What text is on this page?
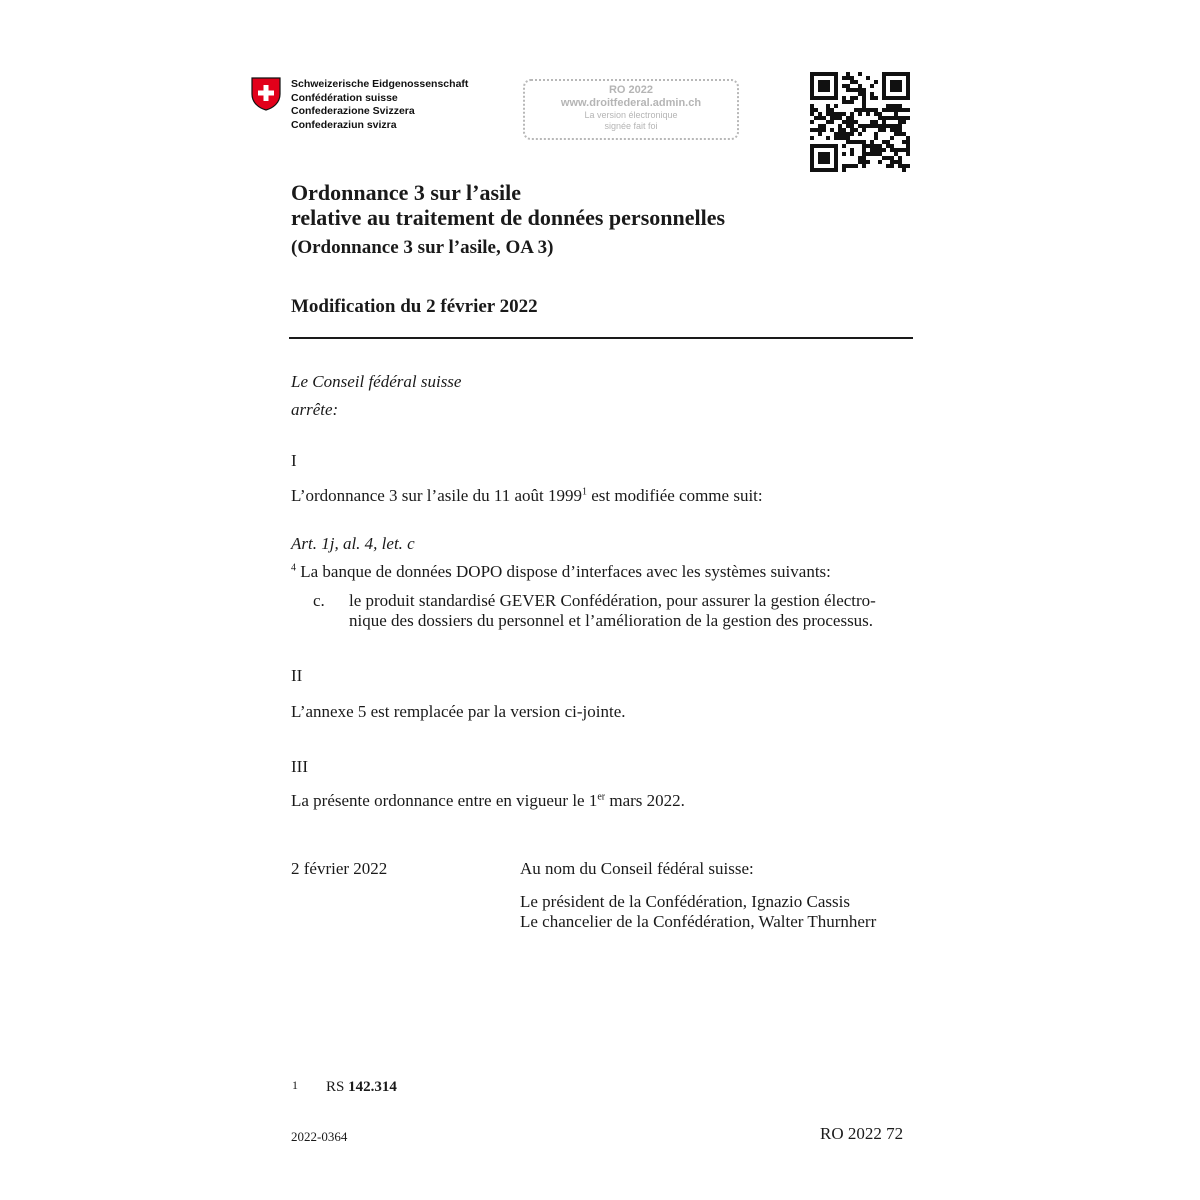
Schweizerische Eidgenossenschaft
Confédération suisse
Confederazione Svizzera
Confederaziun svizra
RO 2022
www.droitfederal.admin.ch
La version électronique
signée fait foi
Ordonnance 3 sur l’asile
relative au traitement de données personnelles
(Ordonnance 3 sur l’asile, OA 3)
Modification du 2 février 2022
Le Conseil fédéral suisse
arrête:
I
L’ordonnance 3 sur l’asile du 11 août 1999$^1$ est modifiée comme suit:
Art. 1j, al. 4, let. c
$^4$ La banque de données DOPO dispose d’interfaces avec les systèmes suivants:
c. le produit standardisé GEVER Confédération, pour assurer la gestion électro-
nique des dossiers du personnel et l’amélioration de la gestion des processus.
II
L’annexe 5 est remplacée par la version ci-jointe.
III
La présente ordonnance entre en vigueur le 1er mars 2022.
2 février 2022	Au nom du Conseil fédéral suisse:
Le président de la Confédération, Ignazio Cassis
Le chancelier de la Confédération, Walter Thurnherr
1 RS 142.314
2022-0364	RO 2022 72
